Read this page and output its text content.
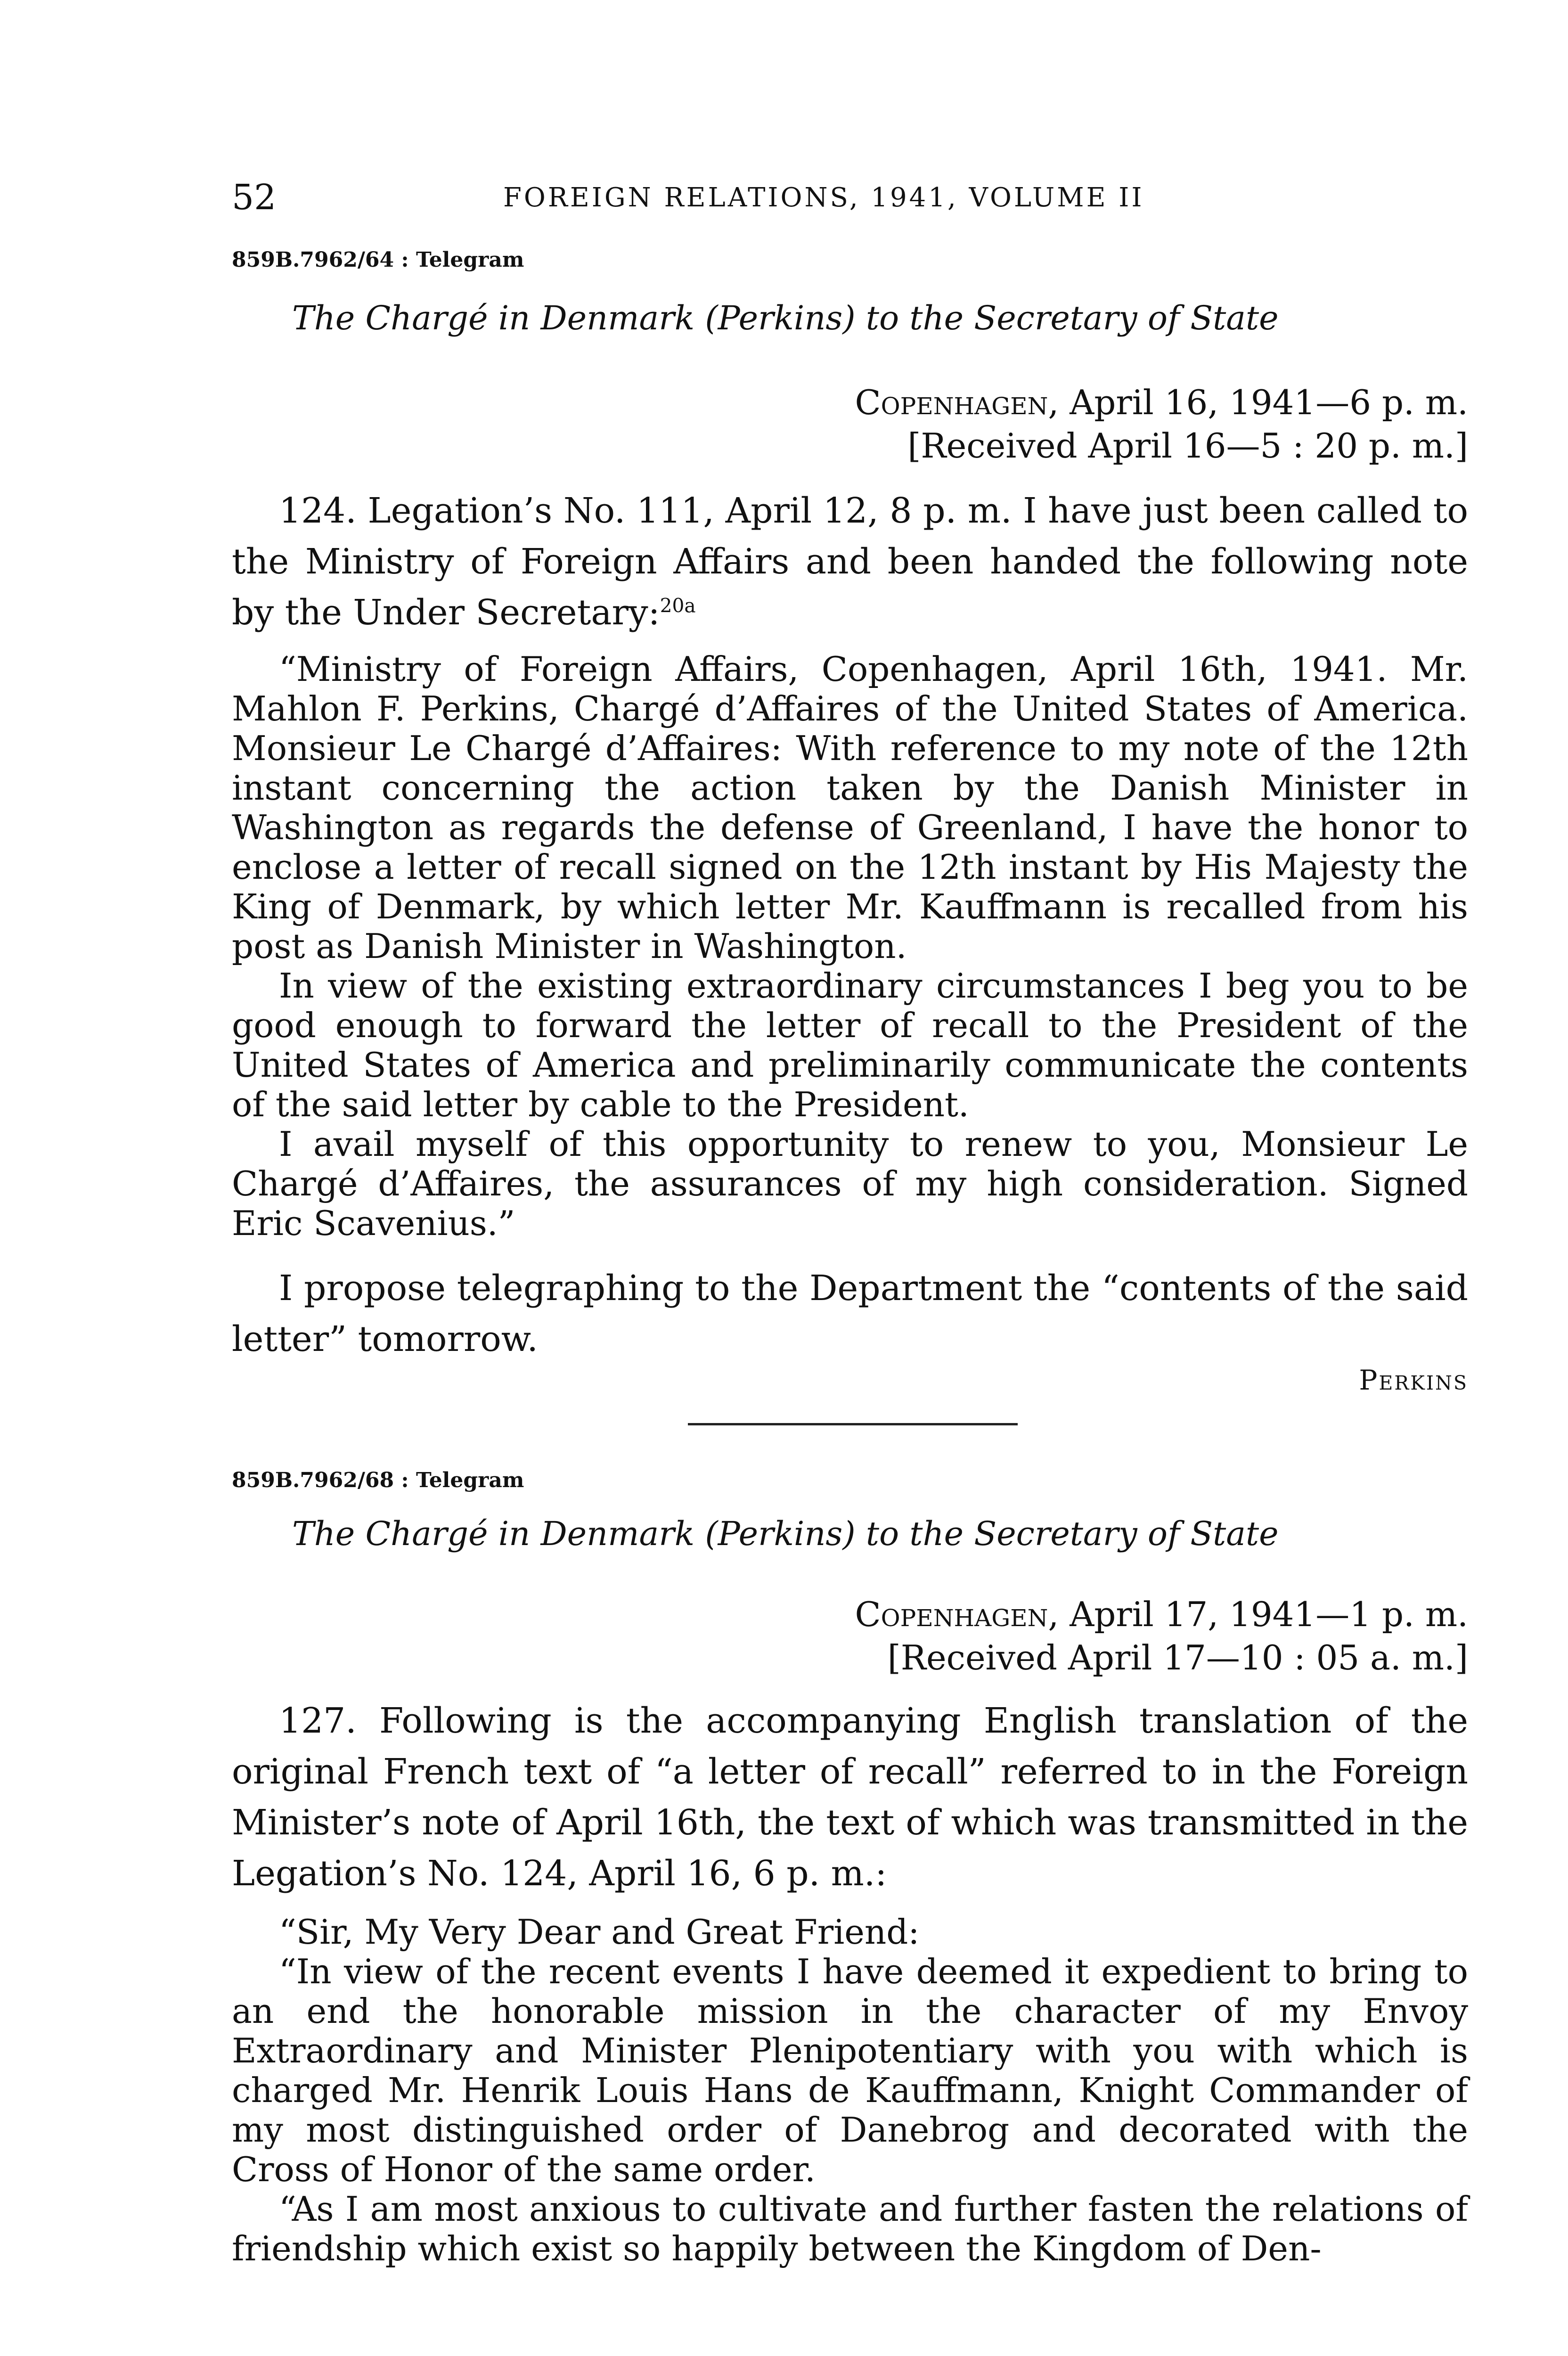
52	FOREIGN RELATIONS, 1941, VOLUME II
859B.7962/64 : Telegram
The Chargé in Denmark (Perkins) to the Secretary of State
Copenhagen, April 16, 1941—6 p. m.
[Received April 16—5 : 20 p. m.]

124. Legation’s No. 111, April 12, 8 p. m. I have just been called to the Ministry of Foreign Affairs and been handed the following note by the Under Secretary:$^{20a}$

“Ministry of Foreign Affairs, Copenhagen, April 16th, 1941. Mr. Mahlon F. Perkins, Chargé d’Affaires of the United States of America. Monsieur Le Chargé d’Affaires: With reference to my note of the 12th instant concerning the action taken by the Danish Minister in Washington as regards the defense of Greenland, I have the honor to enclose a letter of recall signed on the 12th instant by His Majesty the King of Denmark, by which letter Mr. Kauffmann is recalled from his post as Danish Minister in Washington.

In view of the existing extraordinary circumstances I beg you to be good enough to forward the letter of recall to the President of the United States of America and preliminarily communicate the contents of the said letter by cable to the President.

I avail myself of this opportunity to renew to you, Monsieur Le Chargé d’Affaires, the assurances of my high consideration. Signed Eric Scavenius.”

I propose telegraphing to the Department the “contents of the said letter” tomorrow.

Perkins
859B.7962/68 : Telegram
The Chargé in Denmark (Perkins) to the Secretary of State
Copenhagen, April 17, 1941—1 p. m.
[Received April 17—10 : 05 a. m.]

127. Following is the accompanying English translation of the original French text of “a letter of recall” referred to in the Foreign Minister’s note of April 16th, the text of which was transmitted in the Legation’s No. 124, April 16, 6 p. m.:

“Sir, My Very Dear and Great Friend:

“In view of the recent events I have deemed it expedient to bring to an end the honorable mission in the character of my Envoy Extraordinary and Minister Plenipotentiary with you with which is charged Mr. Henrik Louis Hans de Kauffmann, Knight Commander of my most distinguished order of Danebrog and decorated with the Cross of Honor of the same order.

“As I am most anxious to cultivate and further fasten the relations of friendship which exist so happily between the Kingdom of Den-
